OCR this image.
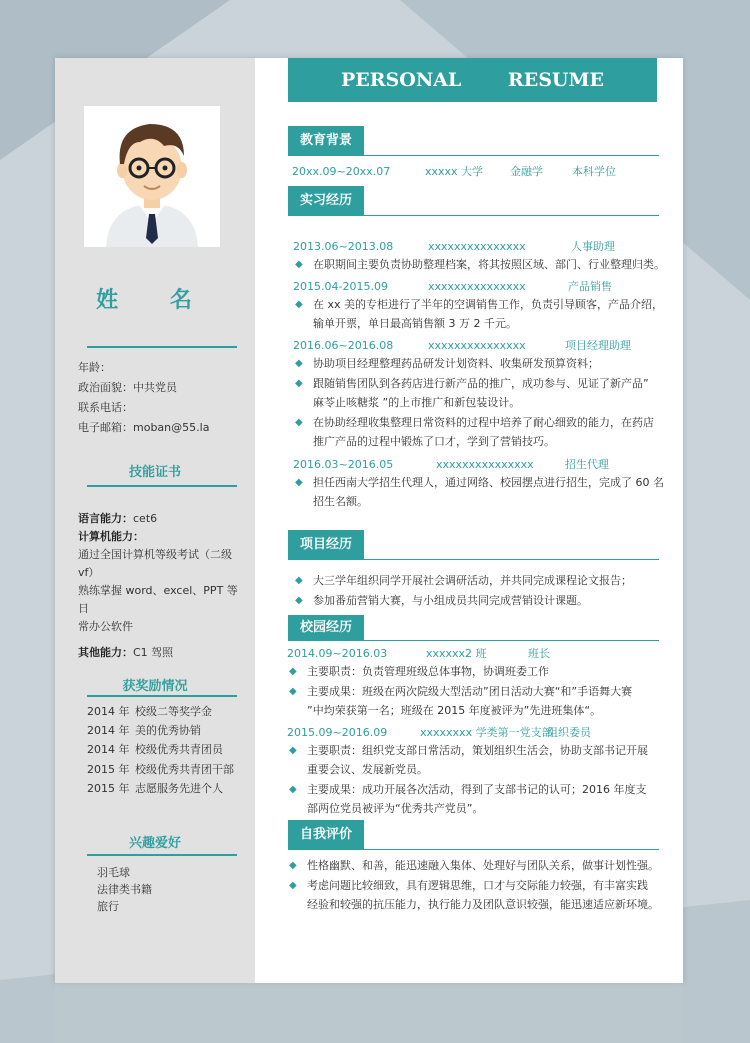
姓 名
年龄：
政治面貌：中共党员
联系电话：
电子邮箱：moban@55.la
技能证书
语言能力：cet6
计算机能力：
通过全国计算机等级考试（二级 vf）
熟练掌握 word、excel、PPT 等日
常办公软件
其他能力：C1 驾照
获奖励情况
2014 年 校级二等奖学金
2014 年 美的优秀协销
2014 年 校级优秀共青团员
2015 年 校级优秀共青团干部
2015 年 志愿服务先进个人
兴趣爱好
羽毛球
法律类书籍
旅行
PERSONAL RESUME
教育背景
20xx.09~20xx.07	xxxxx 大学 金融学	本科学位
实习经历
2013.06~2013.08	xxxxxxxxxxxxxxx	人事助理
◆ 在职期间主要负责协助整理档案，将其按照区域、部门、行业整理归类。
2015.04-2015.09	xxxxxxxxxxxxxxx	产品销售
◆ 在 xx 美的专柜进行了半年的空调销售工作，负责引导顾客，产品介绍，
输单开票，单日最高销售额 3 万 2 千元。
2016.06~2016.08	xxxxxxxxxxxxxxx	项目经理助理
◆ 协助项目经理整理药品研发计划资料、收集研发预算资料；
◆ 跟随销售团队到各药店进行新产品的推广，成功参与、见证了新产品”
麻苓止咳糖浆 ”的上市推广和新包装设计。
◆ 在协助经理收集整理日常资料的过程中培养了耐心细致的能力，在药店
推广产品的过程中锻炼了口才，学到了营销技巧。
2016.03~2016.05	xxxxxxxxxxxxxxx	招生代理
◆ 担任西南大学招生代理人，通过网络、校园摆点进行招生，完成了 60 名
招生名额。
项目经历
◆ 大三学年组织同学开展社会调研活动，并共同完成课程论文报告；
◆ 参加番茄营销大赛，与小组成员共同完成营销设计课题。
校园经历
2014.09~2016.03	xxxxxx2 班	班长
◆ 主要职责：负责管理班级总体事物，协调班委工作
◆ 主要成果：班级在两次院级大型活动”团日活动大赛“和”手语舞大赛
”中均荣获第一名；班级在 2015 年度被评为”先进班集体“。
2015.09~2016.09	xxxxxxxx 学类第一党支部组织委员
◆ 主要职责：组织党支部日常活动，策划组织生活会，协助支部书记开展
重要会议、发展新党员。
◆ 主要成果：成功开展各次活动，得到了支部书记的认可；2016 年度支
部两位党员被评为“优秀共产党员”。
自我评价
◆ 性格幽默、和善，能迅速融入集体、处理好与团队关系，做事计划性强。
◆ 考虑问题比较细致，具有逻辑思维，口才与交际能力较强，有丰富实践
经验和较强的抗压能力，执行能力及团队意识较强，能迅速适应新环境。
